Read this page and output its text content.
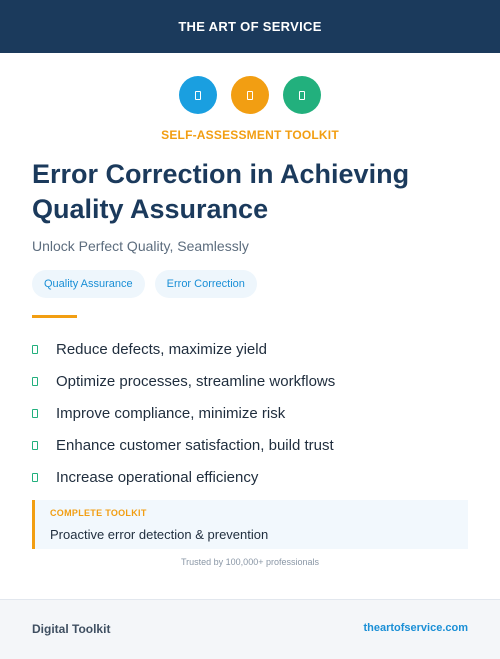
THE ART OF SERVICE
SELF-ASSESSMENT TOOLKIT
Error Correction in Achieving Quality Assurance
Unlock Perfect Quality, Seamlessly
Quality Assurance	Error Correction
Reduce defects, maximize yield
Optimize processes, streamline workflows
Improve compliance, minimize risk
Enhance customer satisfaction, build trust
Increase operational efficiency
COMPLETE TOOLKIT
Proactive error detection & prevention
Trusted by 100,000+ professionals
Digital Toolkit	theartofservice.com
